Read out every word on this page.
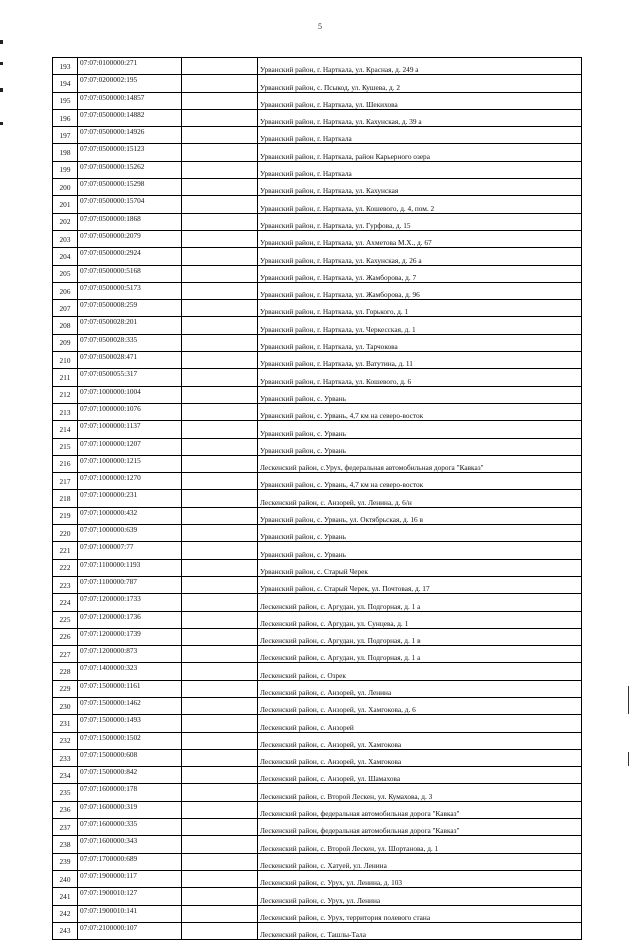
5
193	07:07:0100000:271		Урванский район, г. Нарткала, ул. Красная, д. 249 а
194	07:07:0200002:195		Урванский район, с. Псыкод, ул. Кушева, д. 2
195	07:07:0500000:14857		Урванский район, г. Нарткала, ул. Шекихова
196	07:07:0500000:14882		Урванский район, г. Нарткала, ул. Кахунская, д. 39 а
197	07:07:0500000:14926		Урванский район, г. Нарткала
198	07:07:0500000:15123		Урванский район, г. Нарткала, район Карьерного озера
199	07:07:0500000:15262		Урванский район, г. Нарткала
200	07:07:0500000:15298		Урванский район, г. Нарткала, ул. Кахунская
201	07:07:0500000:15704		Урванский район, г. Нарткала, ул. Кошевого, д. 4, пом. 2
202	07:07:0500000:1868		Урванский район, г. Нарткала, ул. Гурфова, д. 15
203	07:07:0500000:2079		Урванский район, г. Нарткала, ул. Ахметова М.Х., д. 67
204	07:07:0500000:2924		Урванский район, г. Нарткала, ул. Кахунская, д. 26 а
205	07:07:0500000:5168		Урванский район, г. Нарткала, ул. Жамборова, д. 7
206	07:07:0500000:5173		Урванский район, г. Нарткала, ул. Жамборова, д. 96
207	07:07:0500008:259		Урванский район, г. Нарткала, ул. Горького, д. 1
208	07:07:0500028:201		Урванский район, г. Нарткала, ул. Черкесская, д. 1
209	07:07:0500028:335		Урванский район, г. Нарткала, ул. Тарчокова
210	07:07:0500028:471		Урванский район, г. Нарткала, ул. Ватутина, д. 11
211	07:07:0500055:317		Урванский район, г. Нарткала, ул. Кошевого, д. 6
212	07:07:1000000:1004		Урванский район, с. Урвань
213	07:07:1000000:1076		Урванский район, с. Урвань, 4,7 км на северо-восток
214	07:07:1000000:1137		Урванский район, с. Урвань
215	07:07:1000000:1207		Урванский район, с. Урвань
216	07:07:1000000:1215		Лескенский район, с.Урух, федеральная автомобильная дорога "Кавказ"
217	07:07:1000000:1270		Урванский район, с. Урвань, 4,7 км на северо-восток
218	07:07:1000000:231		Лескенский район, с. Анзорей, ул. Ленина, д. 6/н
219	07:07:1000000:432		Урванский район, с. Урвань, ул. Октябрьская, д. 16 в
220	07:07:1000000:639		Урванский район, с. Урвань
221	07:07:1000007:77		Урванский район, с. Урвань
222	07:07:1100000:1193		Урванский район, с. Старый Черек
223	07:07:1100000:787		Урванский район, с. Старый Черек, ул. Почтовая, д. 17
224	07:07:1200000:1733		Лескенский район, с. Аргудан, ул. Подгорная, д. 1 а
225	07:07:1200000:1736		Лескенский район, с. Аргудан, ул. Сунцева, д. 1
226	07:07:1200000:1739		Лескенский район, с. Аргудан, ул. Подгорная, д. 1 в
227	07:07:1200000:873		Лескенский район, с. Аргудан, ул. Подгорная, д. 1 а
228	07:07:1400000:323		Лескенский район, с. Озрек
229	07:07:1500000:1161		Лескенский район, с. Анзорей, ул. Ленина
230	07:07:1500000:1462		Лескенский район, с. Анзорей, ул. Хамгокова, д. 6
231	07:07:1500000:1493		Лескенский район, с. Анзорей
232	07:07:1500000:1502		Лескенский район, с. Анзорей, ул. Хамгокова
233	07:07:1500000:608		Лескенский район, с. Анзорей, ул. Хамгокова
234	07:07:1500000:842		Лескенский район, с. Анзорей, ул. Шамахова
235	07:07:1600000:178		Лескенский район, с. Второй Лескен, ул. Кумахова, д. 3
236	07:07:1600000:319		Лескенский район, федеральная автомобильная дорога "Кавказ"
237	07:07:1600000:335		Лескенский район, федеральная автомобильная дорога "Кавказ"
238	07:07:1600000:343		Лескенский район, с. Второй Лескен, ул. Шортанова, д. 1
239	07:07:1700000:689		Лескенский район, с. Хатуей, ул. Ленина
240	07:07:1900000:117		Лескенский район, с. Урух, ул. Ленина, д. 103
241	07:07:1900010:127		Лескенский район, с. Урух, ул. Ленина
242	07:07:1900010:141		Лескенский район, с. Урух, территория полевого стана
243	07:07:2100000:107		Лескенский район, с. Ташлы-Тала
